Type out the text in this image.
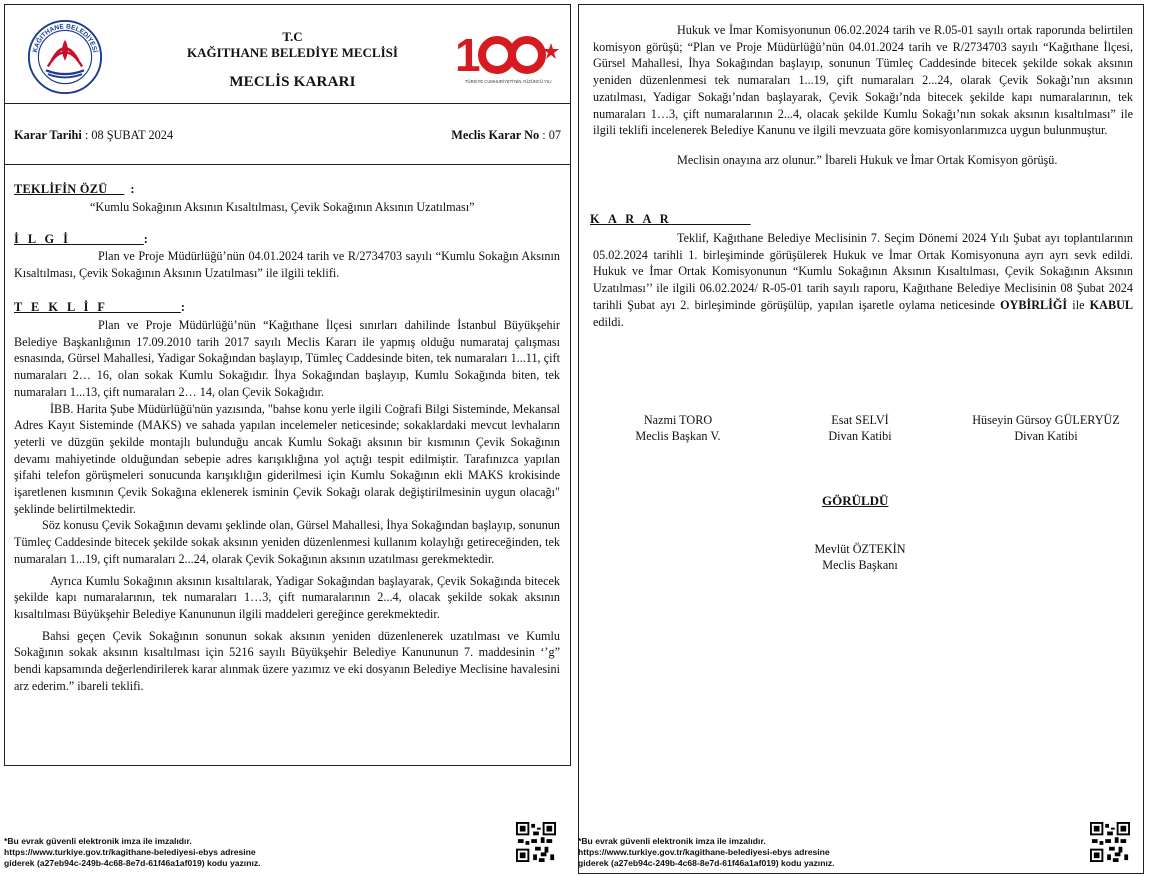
KAĞITHANE BELEDİYESİ
T.C
KAĞITHANE BELEDİYE MECLİSİ
MECLİS KARARI
1
TÜRKİYE CUMHURİYETİ'NİN YÜZÜNCÜ YILI
Karar Tarihi : 08 ŞUBAT 2024	Meclis Karar No : 07
TEKLİFİN ÖZÜ :
“Kumlu Sokağının Aksının Kısaltılması, Çevik Sokağının Aksının Uzatılması”
İ L G İ	:
Plan ve Proje Müdürlüğü’nün 04.01.2024 tarih ve R/2734703 sayılı “Kumlu Sokağın Aksının Kısaltılması, Çevik Sokağının Aksının Uzatılması” ile ilgili teklifi.
T E K L İ F	:

Plan ve Proje Müdürlüğü’nün “Kağıthane İlçesi sınırları dahilinde İstanbul Büyükşehir Belediye Başkanlığının 17.09.2010 tarih 2017 sayılı Meclis Kararı ile yapmış olduğu numarataj çalışması esnasında, Gürsel Mahallesi, Yadigar Sokağından başlayıp, Tümleç Caddesinde biten, tek numaraları 1...11, çift numaraları 2… 16, olan sokak Kumlu Sokağıdır. İhya Sokağından başlayıp, Kumlu Sokağında biten, tek numaraları 1...13, çift numaraları 2… 14, olan Çevik Sokağıdır.

İBB. Harita Şube Müdürlüğü'nün yazısında, "bahse konu yerle ilgili Coğrafi Bilgi Sisteminde, Mekansal Adres Kayıt Sisteminde (MAKS) ve sahada yapılan incelemeler neticesinde; sokaklardaki mevcut levhaların yeterli ve düzgün şekilde montajlı bulunduğu ancak Kumlu Sokağı aksının bir kısmının Çevik Sokağının devamı mahiyetinde olduğundan sebepie adres karışıklığına yol açtığı tespit edilmiştir. Tarafınızca yapılan şifahi telefon görüşmeleri sonucunda karışıklığın giderilmesi için Kumlu Sokağının ekli MAKS krokisinde işaretlenen kısmının Çevik Sokağına eklenerek isminin Çevik Sokağı olarak değiştirilmesinin uygun olacağı" şeklinde belirtilmektedir.

Söz konusu Çevik Sokağının devamı şeklinde olan, Gürsel Mahallesi, İhya Sokağından başlayıp, sonunun Tümleç Caddesinde bitecek şekilde sokak aksının yeniden düzenlenmesi kullanım kolaylığı getireceğinden, tek numaraları 1...19, çift numaraları 2...24, olarak Çevik Sokağının aksının uzatılması gerekmektedir.

Ayrıca Kumlu Sokağının aksının kısaltılarak, Yadigar Sokağından başlayarak, Çevik Sokağında bitecek şekilde kapı numaralarının, tek numaraları 1…3, çift numaralarının 2...4, olacak şekilde sokak aksının kısaltılması Büyükşehir Belediye Kanununun ilgili maddeleri gereğince gerekmektedir.

Bahsi geçen Çevik Sokağının sonunun sokak aksının yeniden düzenlenerek uzatılması ve Kumlu Sokağının sokak aksının kısaltılması için 5216 sayılı Büyükşehir Belediye Kanununun 7. maddesinin ‘’g” bendi kapsamında değerlendirilerek karar alınmak üzere yazımız ve eki dosyanın Belediye Meclisine havalesini arz ederim.” ibareli teklifi.

*Bu evrak güvenli elektronik imza ile imzalıdır.
https://www.turkiye.gov.tr/kagithane-belediyesi-ebys adresine
giderek (a27eb94c-249b-4c68-8e7d-61f46a1af019) kodu yazınız.

Hukuk ve İmar Komisyonunun 06.02.2024 tarih ve R.05-01 sayılı ortak raporunda belirtilen komisyon görüşü; “Plan ve Proje Müdürlüğü’nün 04.01.2024 tarih ve R/2734703 sayılı “Kağıthane İlçesi, Gürsel Mahallesi, İhya Sokağından başlayıp, sonunun Tümleç Caddesinde bitecek şekilde sokak aksının yeniden düzenlenmesi tek numaraları 1...19, çift numaraları 2...24, olarak Çevik Sokağı’nın aksının uzatılması, Yadigar Sokağı’ndan başlayarak, Çevik Sokağı’nda bitecek şekilde kapı numaralarının, tek numaraları 1…3, çift numaralarının 2...4, olacak şekilde Kumlu Sokağı’nın sokak aksının kısaltılması” ile ilgili teklifi incelenerek Belediye Kanunu ve ilgili mevzuata göre komisyonlarımızca uygun bulunmuştur.

Meclisin onayına arz olunur.” İbareli Hukuk ve İmar Ortak Komisyon görüşü.

K A R A R

Teklif, Kağıthane Belediye Meclisinin 7. Seçim Dönemi 2024 Yılı Şubat ayı toplantılarının 05.02.2024 tarihli 1. birleşiminde görüşülerek Hukuk ve İmar Ortak Komisyonuna ayrı ayrı sevk edildi. Hukuk ve İmar Ortak Komisyonunun “Kumlu Sokağının Aksının Kısaltılması, Çevik Sokağının Aksının Uzatılması’’ ile ilgili 06.02.2024/ R-05-01 tarih sayılı raporu, Kağıthane Belediye Meclisinin 08 Şubat 2024 tarihli Şubat ayı 2. birleşiminde görüşülüp, yapılan işaretle oylama neticesinde OYBİRLİĞİ ile KABUL edildi.

Nazmi TORO
Meclis Başkan V.
Esat SELVİ
Divan Katibi
Hüseyin Gürsoy GÜLERYÜZ
Divan Katibi
GÖRÜLDÜ
Mevlüt ÖZTEKİN
Meclis Başkanı
*Bu evrak güvenli elektronik imza ile imzalıdır.
https://www.turkiye.gov.tr/kagithane-belediyesi-ebys adresine
giderek (a27eb94c-249b-4c68-8e7d-61f46a1af019) kodu yazınız.
